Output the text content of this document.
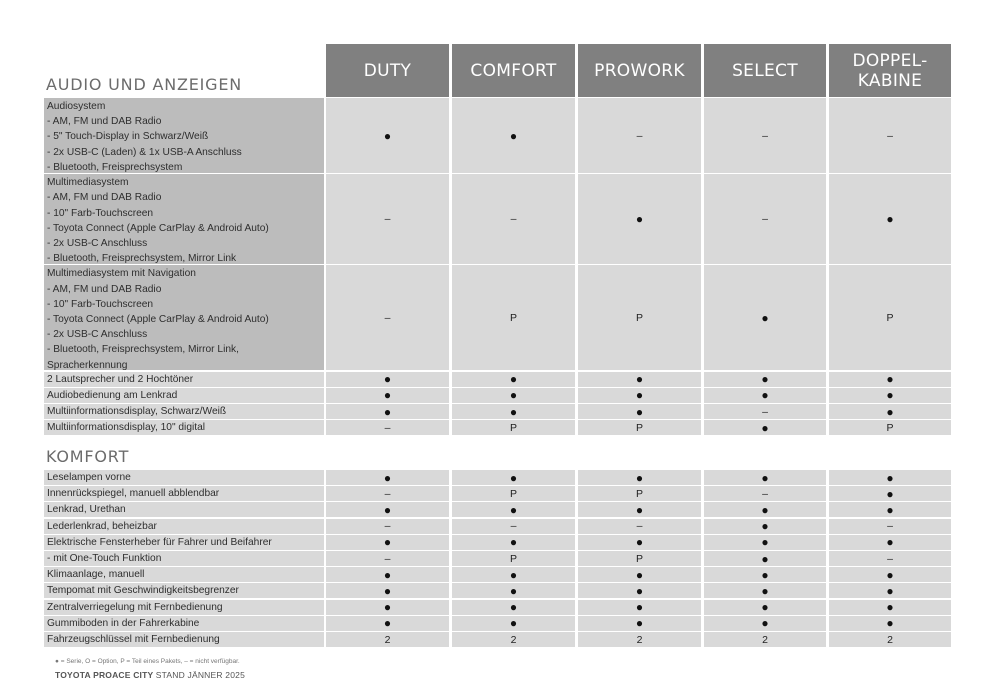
DUTY	COMFORT	PROWORK	SELECT	DOPPEL-
KABINE
AUDIO UND ANZEIGEN
Audiosystem
- AM, FM und DAB Radio
- 5" Touch-Display in Schwarz/Weiß
- 2x USB-C (Laden) & 1x USB-A Anschluss
- Bluetooth, Freisprechsystem
●	●	–	–	–
Multimediasystem
- AM, FM und DAB Radio
- 10" Farb-Touchscreen
- Toyota Connect (Apple CarPlay & Android Auto)
- 2x USB-C Anschluss
- Bluetooth, Freisprechsystem, Mirror Link
–	–	●	–	●
Multimediasystem mit Navigation
- AM, FM und DAB Radio
- 10" Farb-Touchscreen
- Toyota Connect (Apple CarPlay & Android Auto)
- 2x USB-C Anschluss
- Bluetooth, Freisprechsystem, Mirror Link,
Spracherkennung
–	P	P	●	P
2 Lautsprecher und 2 Hochtöner	●	●	●	●	●
Audiobedienung am Lenkrad	●	●	●	●	●
Multiinformationsdisplay, Schwarz/Weiß	●	●	●	–	●
Multiinformationsdisplay, 10" digital	–	P	P	●	P
KOMFORT
Leselampen vorne	●	●	●	●	●
Innenrückspiegel, manuell abblendbar	–	P	P	–	●
Lenkrad, Urethan	●	●	●	●	●
Lederlenkrad, beheizbar	–	–	–	●	–
Elektrische Fensterheber für Fahrer und Beifahrer	●	●	●	●	●
- mit One-Touch Funktion	–	P	P	●	–
Klimaanlage, manuell	●	●	●	●	●
Tempomat mit Geschwindigkeitsbegrenzer	●	●	●	●	●
Zentralverriegelung mit Fernbedienung	●	●	●	●	●
Gummiboden in der Fahrerkabine	●	●	●	●	●
Fahrzeugschlüssel mit Fernbedienung	2	2	2	2	2
● = Serie, O = Option, P = Teil eines Pakets, – = nicht verfügbar.
TOYOTA PROACE CITY STAND JÄNNER 2025
